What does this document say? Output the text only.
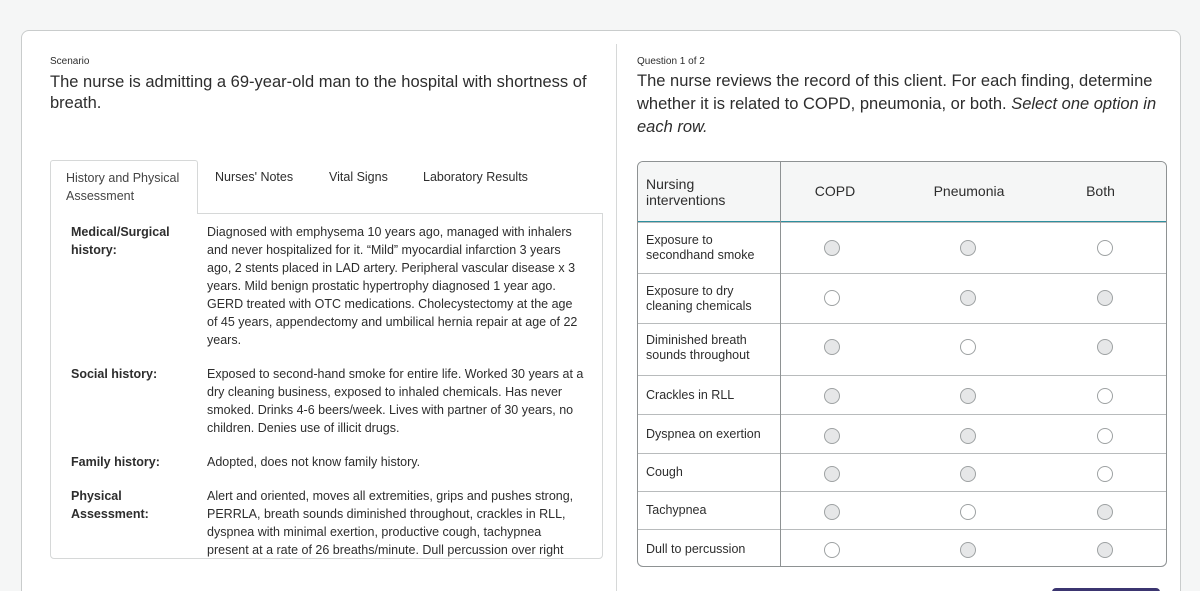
Scenario
The nurse is admitting a 69-year-old man to the hospital with shortness of breath.
History and Physical Assessment
Nurses' Notes	Vital Signs	Laboratory Results
Medical/Surgical history:
Diagnosed with emphysema 10 years ago, managed with inhalers and never hospitalized for it. “Mild” myocardial infarction 3 years ago, 2 stents placed in LAD artery. Peripheral vascular disease x 3 years. Mild benign prostatic hypertrophy diagnosed 1 year ago. GERD treated with OTC medications. Cholecystectomy at the age of 45 years, appendectomy and umbilical hernia repair at age of 22 years.
Social history:	Exposed to second-hand smoke for entire life. Worked 30 years at a dry cleaning business, exposed to inhaled chemicals. Has never smoked. Drinks 4-6 beers/week. Lives with partner of 30 years, no children. Denies use of illicit drugs.
Family history:	Adopted, does not know family history.
Physical Assessment:
Alert and oriented, moves all extremities, grips and pushes strong, PERRLA, breath sounds diminished throughout, crackles in RLL, dyspnea with minimal exertion, productive cough, tachypnea present at a rate of 26 breaths/minute. Dull percussion over right
Question 1 of 2
The nurse reviews the record of this client. For each finding, determine whether it is related to COPD, pneumonia, or both. Select one option in each row.
Nursing interventions
COPD	Pneumonia	Both
Exposure to secondhand smoke
Exposure to dry cleaning chemicals
Diminished breath sounds throughout
Crackles in RLL
Dyspnea on exertion
Cough
Tachypnea
Dull to percussion
